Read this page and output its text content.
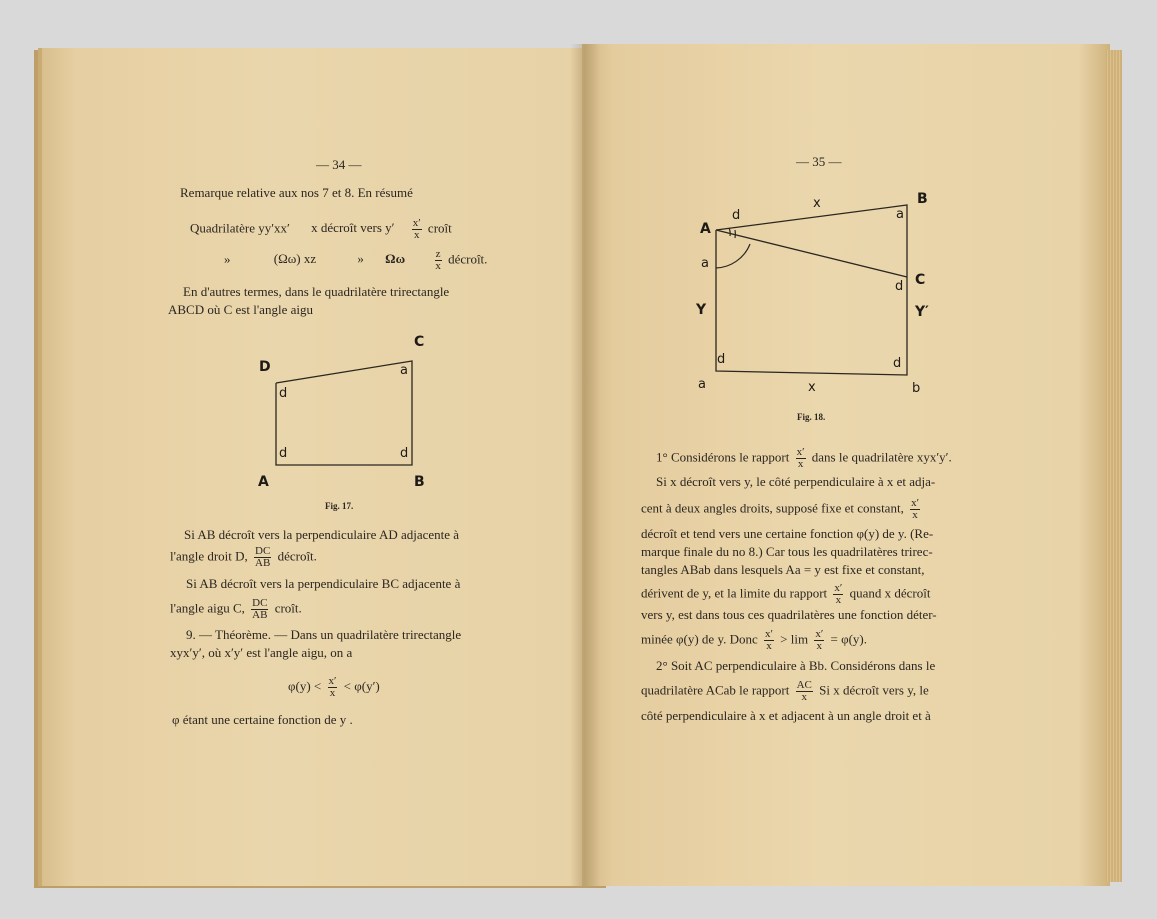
— 34 —
Remarque relative aux nos 7 et 8. En résumé
Quadrilatère yy′xx′ x décroît vers $y' \frac{x'}{x}$ croît
»	(Ωω) xz	» Ωω	$\frac{z}{x}$ décroît.
En d'autres termes, dans le quadrilatère trirectangle
ABCD où C est l'angle aigu
D
C
A	B
a
d
d	d
Fig. 17.
Si AB décroît vers la perpendiculaire AD adjacente à
l'angle droit D, $\frac{DC}{AB}$ décroît.
Si AB décroît vers la perpendiculaire BC adjacente à
l'angle aigu C, $\frac{DC}{AB}$ croît.
9. — Théorème. — Dans un quadrilatère trirectangle
xyx′y′, où x′y′ est l'angle aigu, on a
$\varphi(y) < \frac{x'}{x} < \varphi(y')$
φ étant une certaine fonction de y .
— 35 —
A
B
C
Y	Y′
a	b
x
x
d
a
a
d
d	d
Fig. 18.
1° Considérons le rapport $\frac{x'}{x}$ dans le quadrilatère xyx′y′.
Si x décroît vers y, le côté perpendiculaire à x et adja-
cent à deux angles droits, supposé fixe et constant, $\frac{x'}{x}$
décroît et tend vers une certaine fonction φ(y) de y. (Re-
marque finale du no 8.) Car tous les quadrilatères trirec-
tangles ABab dans lesquels Aa = y est fixe et constant,
dérivent de y, et la limite du rapport $\frac{x'}{x}$ quand x décroît
vers y, est dans tous ces quadrilatères une fonction déter-
minée φ(y) de y. Donc $\frac{x'}{x} > \lim \frac{x'}{x} = \varphi(y)$.
2° Soit AC perpendiculaire à Bb. Considérons dans le
quadrilatère ACab le rapport $\frac{AC}{x}$ Si x décroît vers y, le
côté perpendiculaire à x et adjacent à un angle droit et à
